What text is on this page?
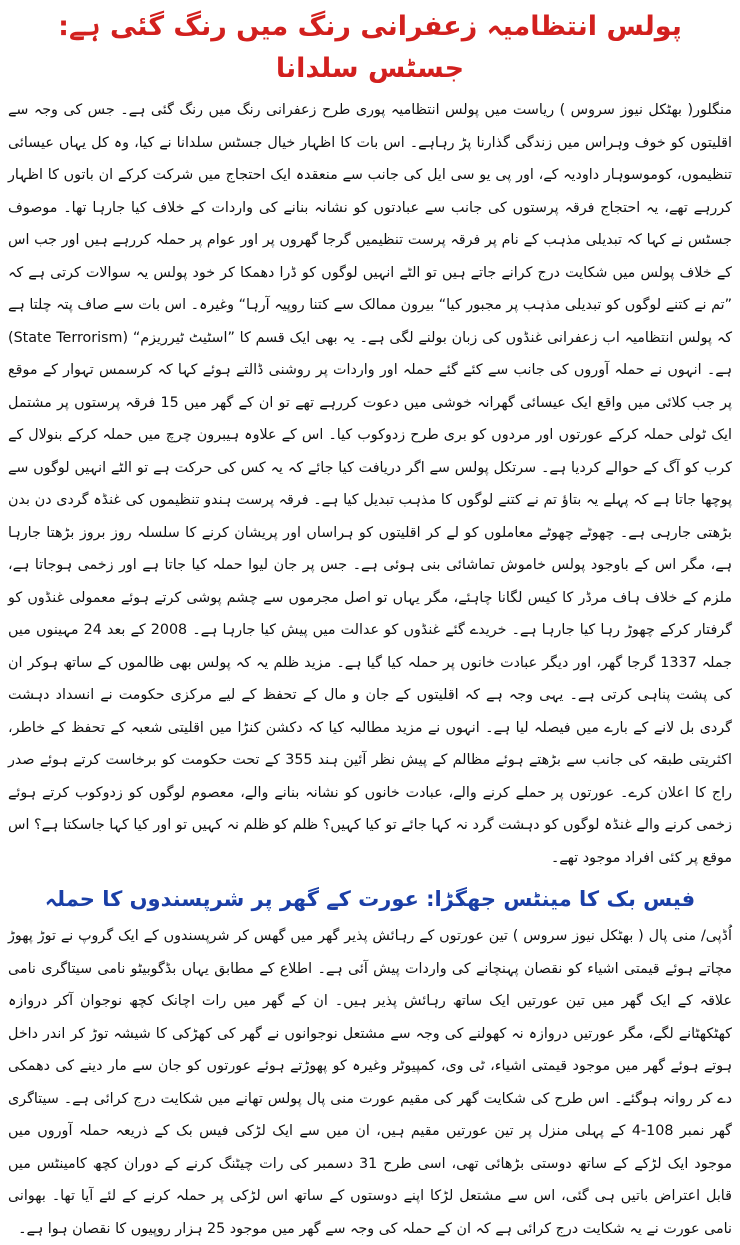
پولس انتظامیہ زعفرانی رنگ میں رنگ گئی ہے: جسٹس سلدانا

منگلور( بھٹکل نیوز سروس ) ریاست میں پولس انتظامیہ پوری طرح زعفرانی رنگ میں رنگ گئی ہے۔ جس کی وجہ سے اقلیتوں کو خوف وہراس میں زندگی گذارنا پڑ رہاہے۔ اس بات کا اظہار خیال جسٹس سلدانا نے کیا، وہ کل یہاں عیسائی تنظیموں، کوموسوہار داودیہ کے، اور پی یو سی ایل کی جانب سے منعقدہ ایک احتجاج میں شرکت کرکے ان باتوں کا اظہار کررہے تھے، یہ احتجاج فرقہ پرستوں کی جانب سے عبادتوں کو نشانہ بنانے کی واردات کے خلاف کیا جارہا تھا۔ موصوف جسٹس نے کہا کہ تبدیلی مذہب کے نام پر فرقہ پرست تنظیمیں گرجا گھروں پر اور عوام پر حملہ کررہے ہیں اور جب اس کے خلاف پولس میں شکایت درج کرانے جاتے ہیں تو الٹے انہیں لوگوں کو ڈرا دھمکا کر خود پولس یہ سوالات کرتی ہے کہ ”تم نے کتنے لوگوں کو تبدیلی مذہب پر مجبور کیا“ بیرون ممالک سے کتنا روپیہ آرہا“ وغیرہ۔ اس بات سے صاف پتہ چلتا ہے کہ پولس انتظامیہ اب زعفرانی غنڈوں کی زبان بولنے لگی ہے۔ یہ بھی ایک قسم کا ”اسٹیٹ ٹیرریزم“ (State Terrorism) ہے۔ انہوں نے حملہ آوروں کی جانب سے کئے گئے حملہ اور واردات پر روشنی ڈالتے ہوئے کہا کہ کرسمس تہوار کے موقع پر جب کلائی میں واقع ایک عیسائی گھرانہ خوشی میں دعوت کررہے تھے تو ان کے گھر میں 15 فرقہ پرستوں پر مشتمل ایک ٹولی حملہ کرکے عورتوں اور مردوں کو بری طرح زدوکوب کیا۔ اس کے علاوہ ہیبرون چرچ میں حملہ کرکے بنولال کے کرب کو آگ کے حوالے کردیا ہے۔ سرتکل پولس سے اگر دریافت کیا جائے کہ یہ کس کی حرکت ہے تو الٹے انہیں لوگوں سے پوچھا جاتا ہے کہ پہلے یہ بتاؤ تم نے کتنے لوگوں کا مذہب تبدیل کیا ہے۔ فرقہ پرست ہندو تنظیموں کی غنڈہ گردی دن بدن بڑھتی جارہی ہے۔ چھوٹے چھوٹے معاملوں کو لے کر اقلیتوں کو ہراساں اور پریشان کرنے کا سلسلہ روز بروز بڑھتا جارہا ہے، مگر اس کے باوجود پولس خاموش تماشائی بنی ہوئی ہے۔ جس پر جان لیوا حملہ کیا جاتا ہے اور زخمی ہوجاتا ہے، ملزم کے خلاف ہاف مرڈر کا کیس لگانا چاہئے، مگر یہاں تو اصل مجرموں سے چشم پوشی کرتے ہوئے معمولی غنڈوں کو گرفتار کرکے چھوڑ رہا کیا جارہا ہے۔ خریدے گئے غنڈوں کو عدالت میں پیش کیا جارہا ہے۔ 2008 کے بعد 24 مہینوں میں جملہ 1337 گرجا گھر، اور دیگر عبادت خانوں پر حملہ کیا گیا ہے۔ مزید ظلم یہ کہ پولس بھی ظالموں کے ساتھ ہوکر ان کی پشت پناہی کرتی ہے۔ یہی وجہ ہے کہ اقلیتوں کے جان و مال کے تحفظ کے لیے مرکزی حکومت نے انسداد دہشت گردی بل لانے کے بارے میں فیصلہ لیا ہے۔ انہوں نے مزید مطالبہ کیا کہ دکشن کنڑا میں اقلیتی شعبہ کے تحفظ کے خاطر، اکثریتی طبقہ کی جانب سے بڑھتے ہوئے مظالم کے پیش نظر آئین ہند 355 کے تحت حکومت کو برخاست کرتے ہوئے صدر راج کا اعلان کرے۔ عورتوں پر حملے کرنے والے، عبادت خانوں کو نشانہ بنانے والے، معصوم لوگوں کو زدوکوب کرتے ہوئے زخمی کرنے والے غنڈہ لوگوں کو دہشت گرد نہ کہا جائے تو کیا کہیں؟ ظلم کو ظلم نہ کہیں تو اور کیا کہا جاسکتا ہے؟ اس موقع پر کئی افراد موجود تھے۔

فیس بک کا مینٹس جھگڑا: عورت کے گھر پر شرپسندوں کا حملہ

اُڈپی/ منی پال ( بھٹکل نیوز سروس ) تین عورتوں کے رہائش پذیر گھر میں گھس کر شرپسندوں کے ایک گروپ نے توڑ پھوڑ مچاتے ہوئے قیمتی اشیاء کو نقصان پہنچانے کی واردات پیش آئی ہے۔ اطلاع کے مطابق یہاں بڈگوبیٹو نامی سیتاگری نامی علاقہ کے ایک گھر میں تین عورتیں ایک ساتھ رہائش پذیر ہیں۔ ان کے گھر میں رات اچانک کچھ نوجوان آکر دروازہ کھٹکھٹانے لگے، مگر عورتیں دروازہ نہ کھولنے کی وجہ سے مشتعل نوجوانوں نے گھر کی کھڑکی کا شیشہ توڑ کر اندر داخل ہوتے ہوئے گھر میں موجود قیمتی اشیاء، ٹی وی، کمپیوٹر وغیرہ کو پھوڑتے ہوئے عورتوں کو جان سے مار دینے کی دھمکی دے کر روانہ ہوگئے۔ اس طرح کی شکایت گھر کی مقیم عورت منی پال پولس تھانے میں شکایت درج کرائی ہے۔ سیتاگری گھر نمبر 108-4 کے پہلی منزل پر تین عورتیں مقیم ہیں، ان میں سے ایک لڑکی فیس بک کے ذریعہ حملہ آوروں میں موجود ایک لڑکے کے ساتھ دوستی بڑھائی تھی، اسی طرح 31 دسمبر کی رات چیٹنگ کرنے کے دوران کچھ کامینٹس میں قابل اعتراض باتیں ہی گئی، اس سے مشتعل لڑکا اپنے دوستوں کے ساتھ اس لڑکی پر حملہ کرنے کے لئے آیا تھا۔ بھوانی نامی عورت نے یہ شکایت درج کرائی ہے کہ ان کے حملہ کی وجہ سے گھر میں موجود 25 ہزار روپیوں کا نقصان ہوا ہے۔
